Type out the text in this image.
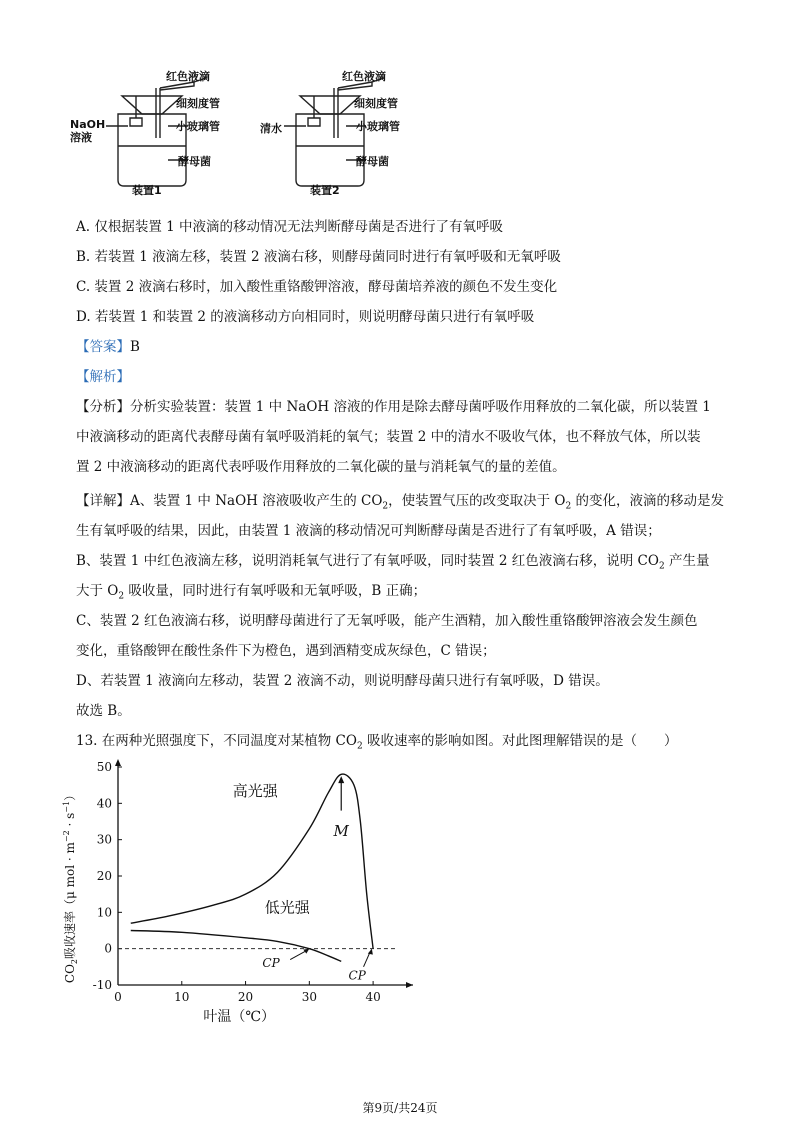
红色液滴
细刻度管
NaOH
溶液
小玻璃管
酵母菌
装置1
红色液滴
细刻度管
清水	小玻璃管
酵母菌
装置2
A. 仅根据装置 1 中液滴的移动情况无法判断酵母菌是否进行了有氧呼吸
B. 若装置 1 液滴左移，装置 2 液滴右移，则酵母菌同时进行有氧呼吸和无氧呼吸
C. 装置 2 液滴右移时，加入酸性重铬酸钾溶液，酵母菌培养液的颜色不发生变化
D. 若装置 1 和装置 2 的液滴移动方向相同时，则说明酵母菌只进行有氧呼吸
【答案】B
【解析】
【分析】分析实验装置：装置 1 中 NaOH 溶液的作用是除去酵母菌呼吸作用释放的二氧化碳，所以装置 1
中液滴移动的距离代表酵母菌有氧呼吸消耗的氧气；装置 2 中的清水不吸收气体，也不释放气体，所以装
置 2 中液滴移动的距离代表呼吸作用释放的二氧化碳的量与消耗氧气的量的差值。
【详解】A、装置 1 中 NaOH 溶液吸收产生的 $CO_2$，使装置气压的改变取决于 $O_2$ 的变化，液滴的移动是发
生有氧呼吸的结果，因此，由装置 1 液滴的移动情况可判断酵母菌是否进行了有氧呼吸，A 错误；
B、装置 1 中红色液滴左移，说明消耗氧气进行了有氧呼吸，同时装置 2 红色液滴右移，说明 $CO_2$ 产生量
大于 $O_2$ 吸收量，同时进行有氧呼吸和无氧呼吸，B 正确；
C、装置 2 红色液滴右移，说明酵母菌进行了无氧呼吸，能产生酒精，加入酸性重铬酸钾溶液会发生颜色
变化，重铬酸钾在酸性条件下为橙色，遇到酒精变成灰绿色，C 错误；
D、若装置 1 液滴向左移动，装置 2 液滴不动，则说明酵母菌只进行有氧呼吸，D 错误。
故选 B。
13. 在两种光照强度下，不同温度对某植物 $CO_2$ 吸收速率的影响如图。对此图理解错误的是（　　）
0	10	20	30	40
-10
0
10
20
30
40
50
高光强
低光强
M
CP
CP
叶温（℃）
$CO_2$吸收速率（μ mol · $m^{-2} \cdot s^{-1}$）
第9页/共24页
